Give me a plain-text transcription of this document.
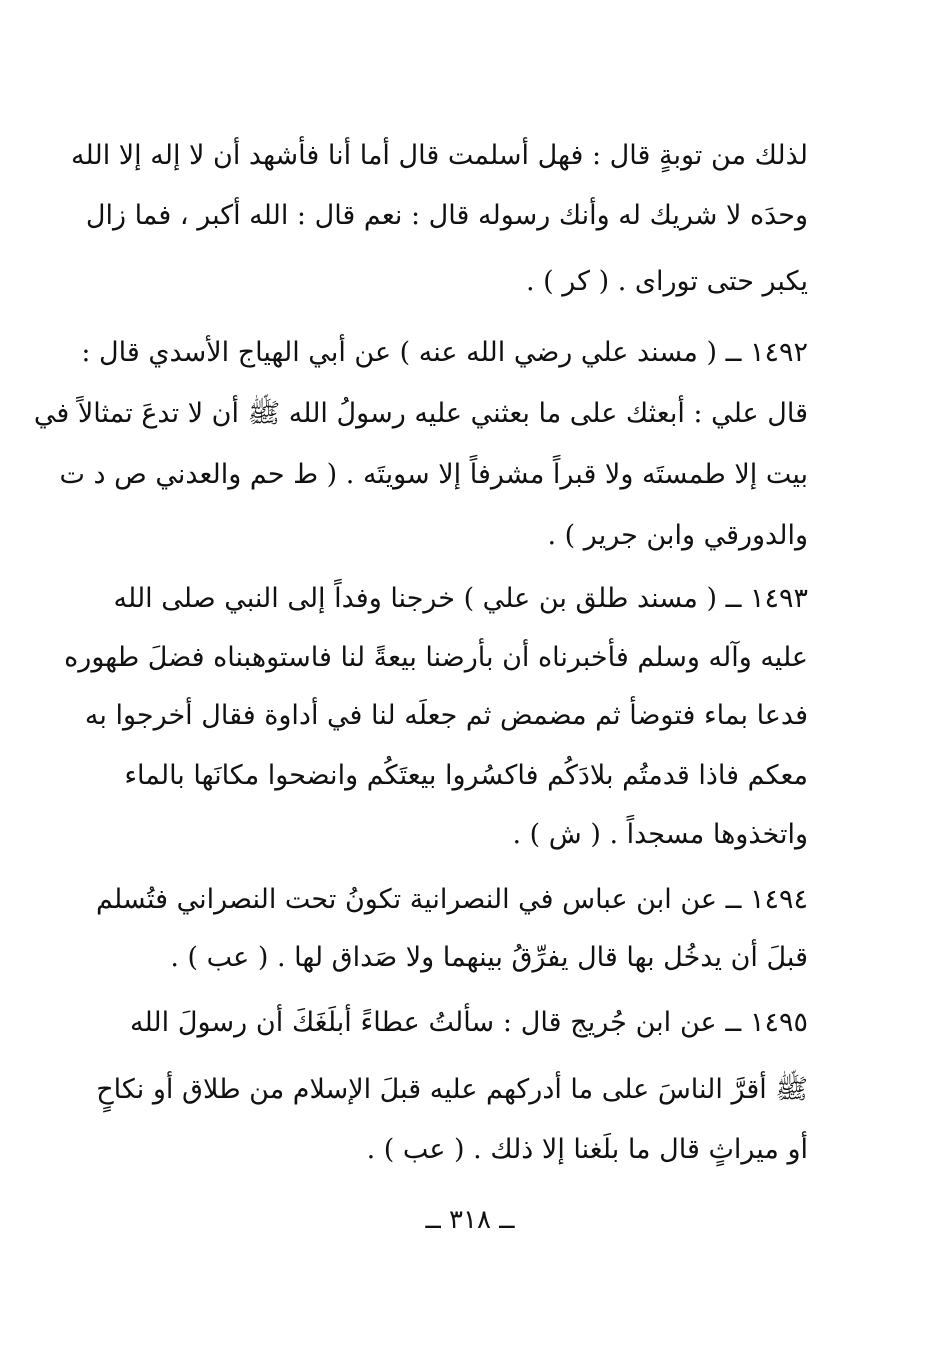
لذلك من توبةٍ قال : فهل أسلمت قال أما أنا فأشهد أن لا إله إلا الله
وحدَه لا شريك له وأنك رسوله قال : نعم قال : الله أكبر ، فما زال
يكبر حتى توراى . ( كر ) .
١٤٩٢ ــ ( مسند علي رضي الله عنه ) عن أبي الهياج الأسدي قال :
قال علي : أبعثك على ما بعثني عليه رسولُ الله ﷺ أن لا تدعَ تمثالاً في
بيت إلا طمستَه ولا قبراً مشرفاً إلا سويتَه . ( ط حم والعدني ص د ت
والدورقي وابن جرير ) .
١٤٩٣ ــ ( مسند طلق بن علي ) خرجنا وفداً إلى النبي صلى الله
عليه وآله وسلم فأخبرناه أن بأرضنا بيعةً لنا فاستوهبناه فضلَ طهوره
فدعا بماء فتوضأ ثم مضمض ثم جعلَه لنا في أداوة فقال أخرجوا به
معكم فاذا قدمتُم بلادَكُم فاكسُروا بيعتَكُم وانضحوا مكانَها بالماء
واتخذوها مسجداً . ( ش ) .
١٤٩٤ ــ عن ابن عباس في النصرانية تكونُ تحت النصراني فتُسلم
قبلَ أن يدخُل بها قال يفرِّقُ بينهما ولا صَداق لها . ( عب ) .
١٤٩٥ ــ عن ابن جُريج قال : سألتُ عطاءً أبلَغَكَ أن رسولَ الله
ﷺ أقرَّ الناسَ على ما أدركهم عليه قبلَ الإسلام من طلاق أو نكاحٍ
أو ميراثٍ قال ما بلَغنا إلا ذلك . ( عب ) .
ــ ٣١٨ ــ
